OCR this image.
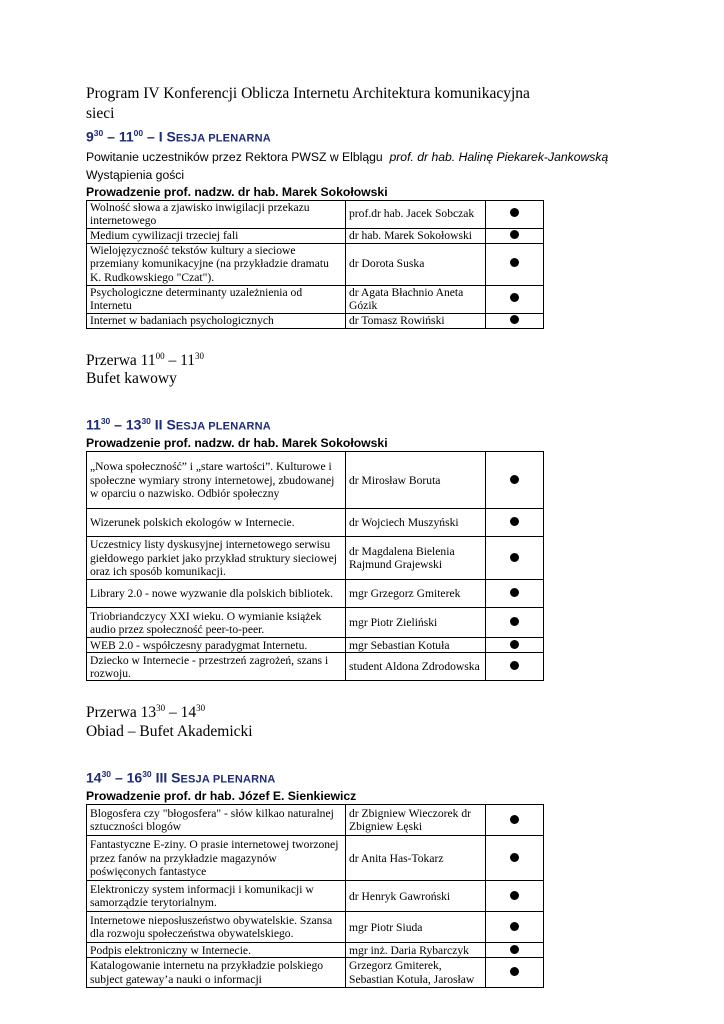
Program IV Konferencji Oblicza Internetu Architektura komunikacyjna sieci
$9^{30} - 11^{00}$ – I SESJA PLENARNA
Powitanie uczestników przez Rektora PWSZ w Elblągu prof. dr hab. Halinę Piekarek-Jankowską
Wystąpienia gości
Prowadzenie prof. nadzw. dr hab. Marek Sokołowski
Wolność słowa a zjawisko inwigilacji przekazu internetowego	prof.dr hab. Jacek Sobczak	
Medium cywilizacji trzeciej fali	dr hab. Marek Sokołowski	
Wielojęzyczność tekstów kultury a sieciowe przemiany komunikacyjne (na przykładzie dramatu K. Rudkowskiego "Czat").	dr Dorota Suska	
Psychologiczne determinanty uzależnienia od Internetu	dr Agata Błachnio Aneta Gózik	
Internet w badaniach psychologicznych	dr Tomasz Rowiński	
Przerwa $11^{00} - 11^{30}$
Bufet kawowy
$11^{30} - 13^{30}$ II SESJA PLENARNA
Prowadzenie prof. nadzw. dr hab. Marek Sokołowski
„Nowa społeczność” i „stare wartości”. Kulturowe i społeczne wymiary strony internetowej, zbudowanej w oparciu o nazwisko. Odbiór społeczny	dr Mirosław Boruta	
Wizerunek polskich ekologów w Internecie.	dr Wojciech Muszyński	
Uczestnicy listy dyskusyjnej internetowego serwisu giełdowego parkiet jako przykład struktury sieciowej oraz ich sposób komunikacji.	dr Magdalena Bielenia Rajmund Grajewski	
Library 2.0 - nowe wyzwanie dla polskich bibliotek.	mgr Grzegorz Gmiterek	
Triobriandczycy XXI wieku. O wymianie książek audio przez społeczność peer-to-peer.	mgr Piotr Zieliński	
WEB 2.0 - współczesny paradygmat Internetu.	mgr Sebastian Kotuła	
Dziecko w Internecie - przestrzeń zagrożeń, szans i rozwoju.	student Aldona Zdrodowska	
Przerwa $13^{30} - 14^{30}$
Obiad – Bufet Akademicki
$14^{30} - 16^{30}$ III SESJA PLENARNA
Prowadzenie prof. dr hab. Józef E. Sienkiewicz
Blogosfera czy "błogosfera" - słów kilkao naturalnej sztuczności blogów	dr Zbigniew Wieczorek dr Zbigniew Łęski	
Fantastyczne E-ziny. O prasie internetowej tworzonej przez fanów na przykładzie magazynów poświęconych fantastyce	dr Anita Has-Tokarz	
Elektroniczy system informacji i komunikacji w samorządzie terytorialnym.	dr Henryk Gawroński	
Internetowe nieposłuszeństwo obywatelskie. Szansa dla rozwoju społeczeństwa obywatelskiego.	mgr Piotr Siuda	
Podpis elektroniczny w Internecie.	mgr inż. Daria Rybarczyk	
Katalogowanie internetu na przykładzie polskiego subject gateway’a nauki o informacji	Grzegorz Gmiterek, Sebastian Kotuła, Jarosław	
